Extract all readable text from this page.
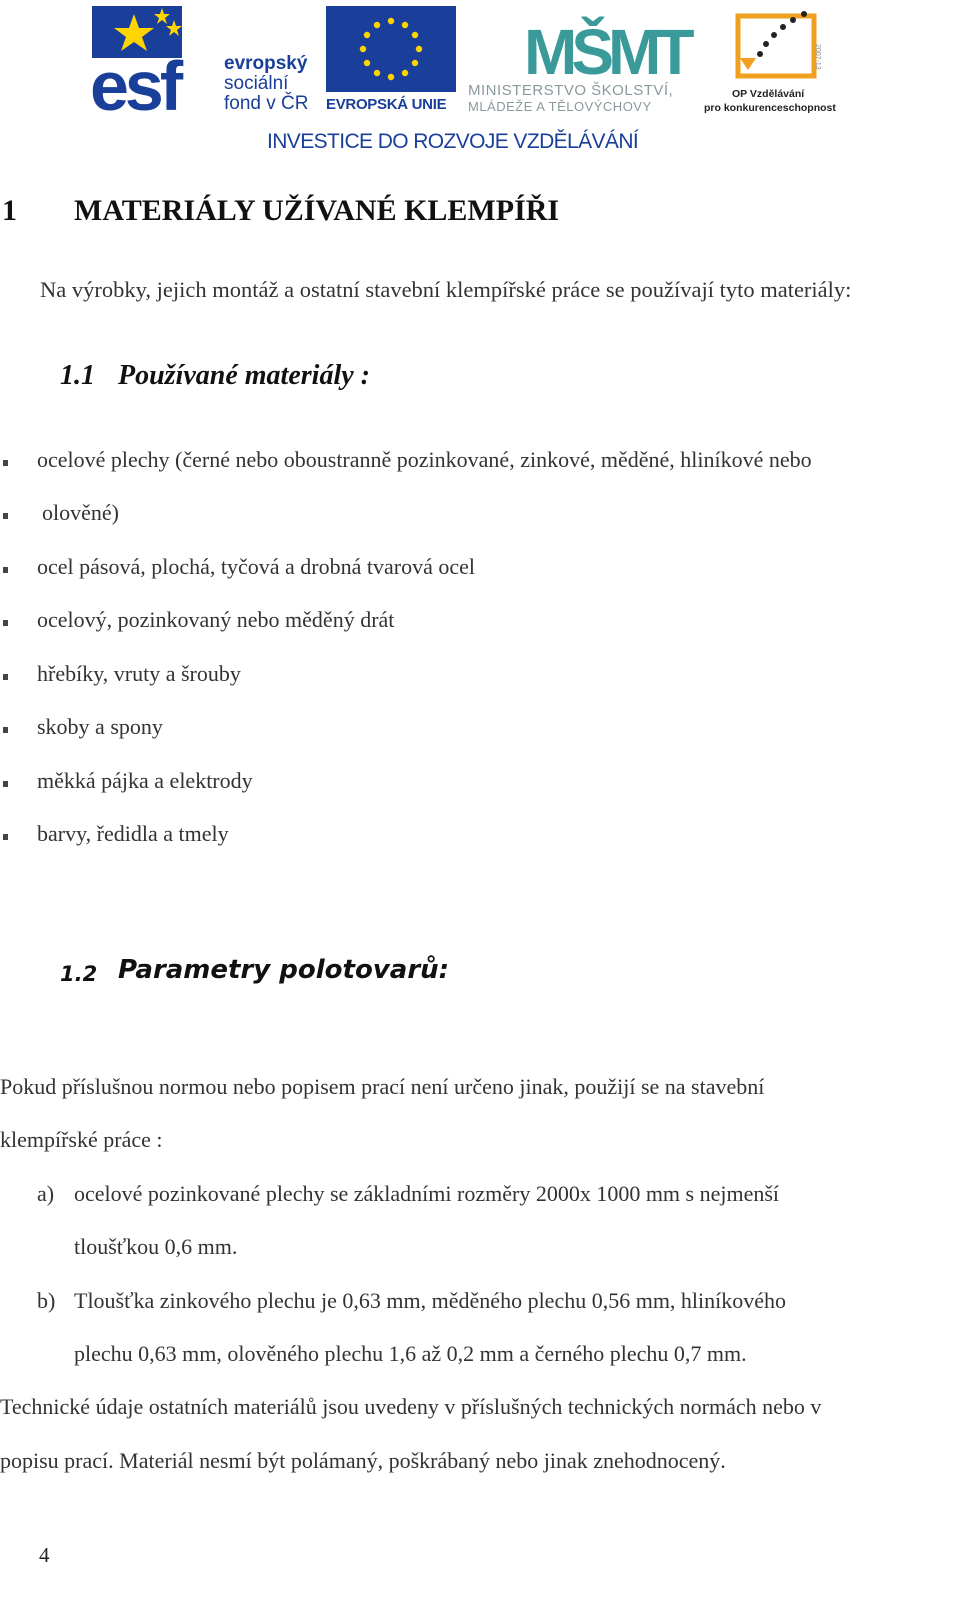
esf evropský
sociální
fond v ČR EVROPSKÁ UNIE
MŠMT
MINISTERSTVO ŠKOLSTVÍ,
MLÁDEŽE A TĚLOVÝCHOVY
2007-13
OP Vzdělávání
pro konkurenceschopnost
INVESTICE DO ROZVOJE VZDĚLÁVÁNÍ
1 MATERIÁLY UŽÍVANÉ KLEMPÍŘI
Na výrobky, jejich montáž a ostatní stavební klempířské práce se používají tyto materiály:
1.1 Používané materiály :
ocelové plechy (černé nebo oboustranně pozinkované, zinkové, měděné, hliníkové nebo
olověné)
ocel pásová, plochá, tyčová a drobná tvarová ocel
ocelový, pozinkovaný nebo měděný drát
hřebíky, vruty a šrouby
skoby a spony
měkká pájka a elektrody
barvy, ředidla a tmely
1.2 Parametry polotovarů:
Pokud příslušnou normou nebo popisem prací není určeno jinak, použijí se na stavební
klempířské práce :
a) ocelové pozinkované plechy se základními rozměry 2000x 1000 mm s nejmenší
tloušťkou 0,6 mm.
b) Tloušťka zinkového plechu je 0,63 mm, měděného plechu 0,56 mm, hliníkového
plechu 0,63 mm, olověného plechu 1,6 až 0,2 mm a černého plechu 0,7 mm.
Technické údaje ostatních materiálů jsou uvedeny v příslušných technických normách nebo v
popisu prací. Materiál nesmí být polámaný, poškrábaný nebo jinak znehodnocený.
4
